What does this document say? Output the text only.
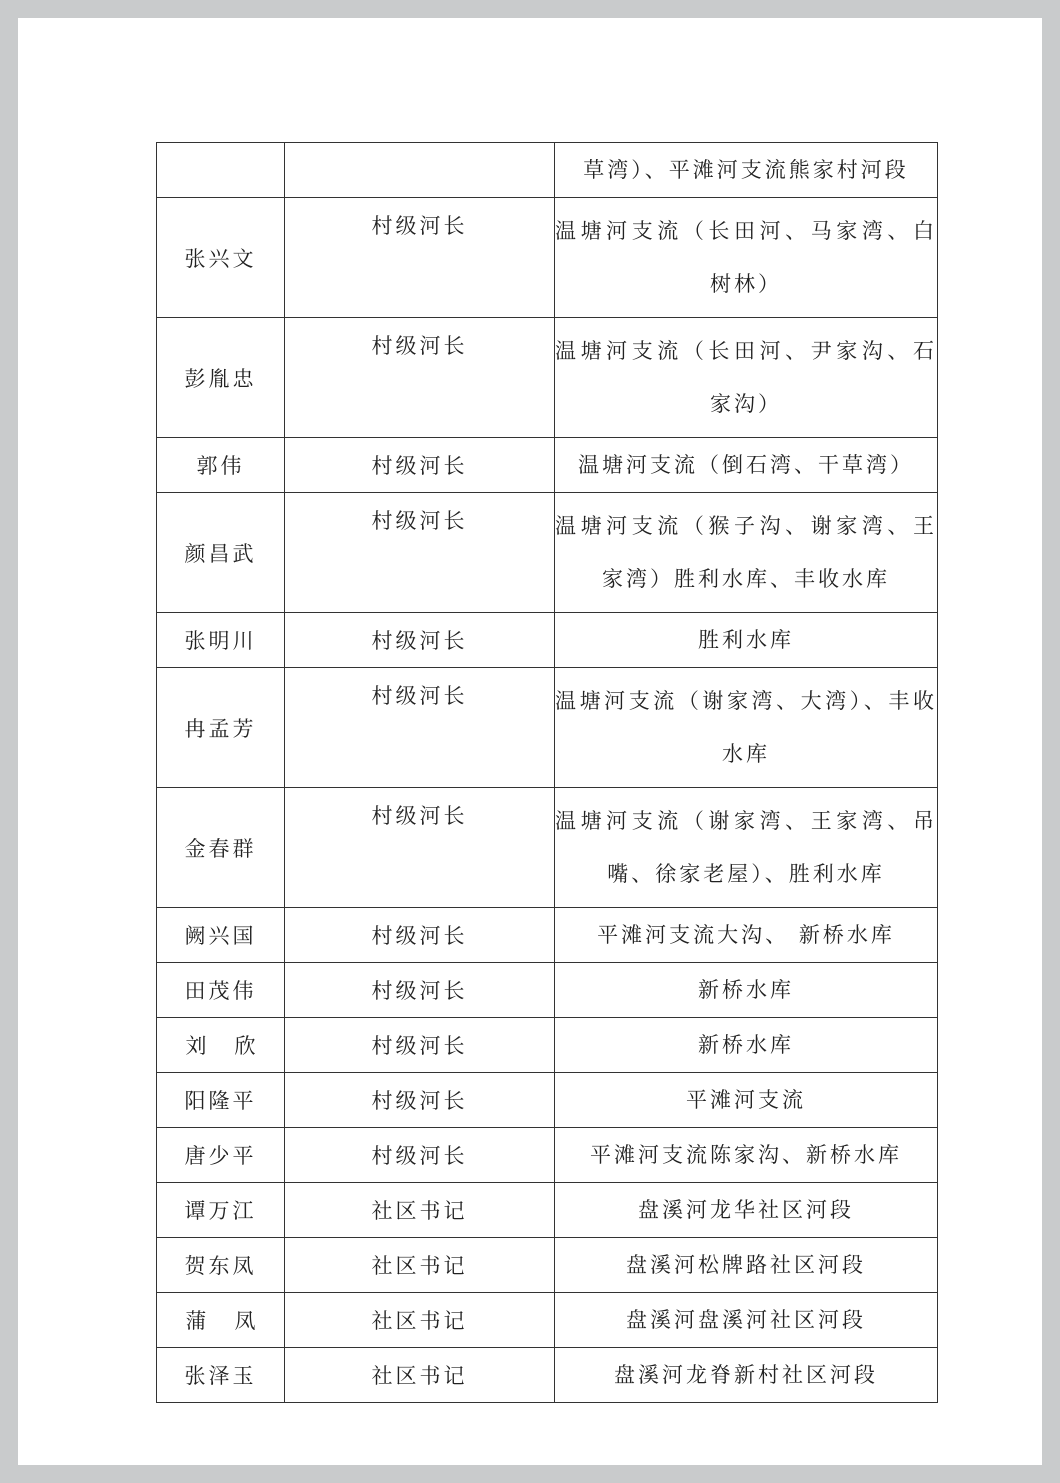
		草湾）、平滩河支流熊家村河段
张兴文	村级河长	温塘河支流（长田河、马家湾、白树林）
彭胤忠	村级河长	温塘河支流（长田河、尹家沟、石家沟）
郭伟	村级河长	温塘河支流（倒石湾、干草湾）
颜昌武	村级河长	温塘河支流（猴子沟、谢家湾、王家湾）胜利水库、丰收水库
张明川	村级河长	胜利水库
冉孟芳	村级河长	温塘河支流（谢家湾、大湾）、丰收水库
金春群	村级河长	温塘河支流（谢家湾、王家湾、吊嘴、徐家老屋）、胜利水库
阙兴国	村级河长	平滩河支流大沟、 新桥水库
田茂伟	村级河长	新桥水库
刘欣	村级河长	新桥水库
阳隆平	村级河长	平滩河支流
唐少平	村级河长	平滩河支流陈家沟、新桥水库
谭万江	社区书记	盘溪河龙华社区河段
贺东凤	社区书记	盘溪河松牌路社区河段
蒲凤	社区书记	盘溪河盘溪河社区河段
张泽玉	社区书记	盘溪河龙脊新村社区河段
